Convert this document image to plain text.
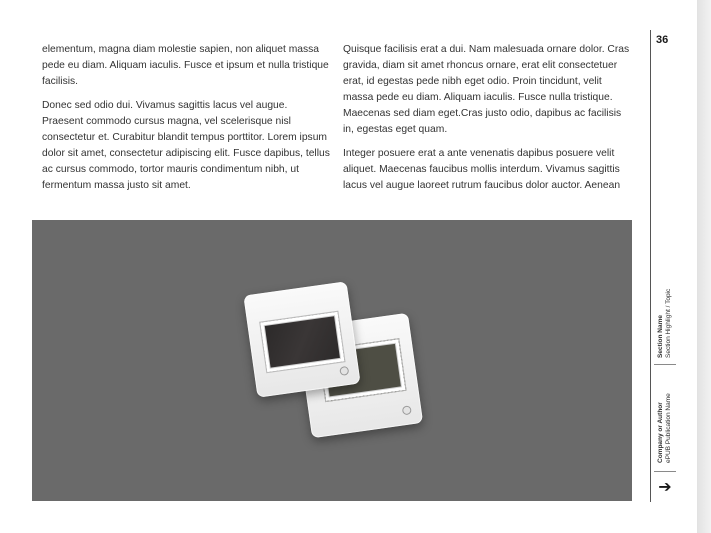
elementum, magna diam molestie sapien, non aliquet massa pede eu diam. Aliquam iaculis. Fusce et ipsum et nulla tristique facilisis.

Donec sed odio dui. Vivamus sagittis lacus vel augue. Praesent commodo cursus magna, vel scelerisque nisl consectetur et. Curabitur blandit tempus porttitor. Lorem ipsum dolor sit amet, consectetur adipiscing elit. Fusce dapibus, tellus ac cursus commodo, tortor mauris condimentum nibh, ut fermentum massa justo sit amet.

Quisque facilisis erat a dui. Nam malesuada ornare dolor. Cras gravida, diam sit amet rhoncus ornare, erat elit consectetuer erat, id egestas pede nibh eget odio. Proin tincidunt, velit massa pede eu diam. Aliquam iaculis. Fusce nulla tristique. Maecenas sed diam eget.Cras justo odio, dapibus ac facilisis in, egestas eget quam.

Integer posuere erat a ante venenatis dapibus posuere velit aliquet. Maecenas faucibus mollis interdum. Vivamus sagittis lacus vel augue laoreet rutrum faucibus dolor auctor. Aenean

36
Section Name Section Highlight / Topic
Company or Author ePUB Publication Name
➔
